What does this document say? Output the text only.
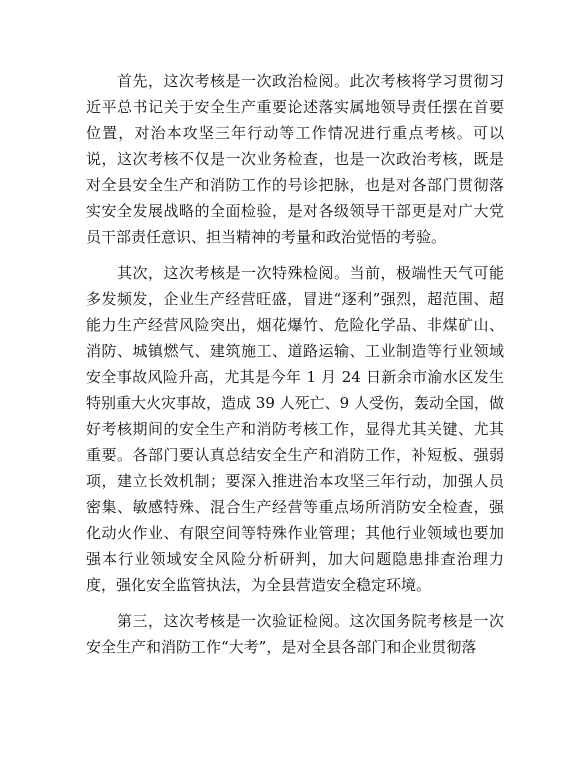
首先，这次考核是一次政治检阅。此次考核将学习贯彻习近平总书记关于安全生产重要论述落实属地领导责任摆在首要位置，对治本攻坚三年行动等工作情况进行重点考核。可以说，这次考核不仅是一次业务检查，也是一次政治考核，既是对全县安全生产和消防工作的号诊把脉，也是对各部门贯彻落实安全发展战略的全面检验，是对各级领导干部更是对广大党员干部责任意识、担当精神的考量和政治觉悟的考验。

其次，这次考核是一次特殊检阅。当前，极端性天气可能多发频发，企业生产经营旺盛，冒进“逐利”强烈，超范围、超能力生产经营风险突出，烟花爆竹、危险化学品、非煤矿山、消防、城镇燃气、建筑施工、道路运输、工业制造等行业领域安全事故风险升高，尤其是今年 1 月 24 日新余市渝水区发生特别重大火灾事故，造成 39 人死亡、9 人受伤，轰动全国，做好考核期间的安全生产和消防考核工作，显得尤其关键、尤其重要。各部门要认真总结安全生产和消防工作，补短板、强弱项，建立长效机制；要深入推进治本攻坚三年行动，加强人员密集、敏感特殊、混合生产经营等重点场所消防安全检查，强化动火作业、有限空间等特殊作业管理；其他行业领域也要加强本行业领域安全风险分析研判，加大问题隐患排查治理力度，强化安全监管执法，为全县营造安全稳定环境。

第三，这次考核是一次验证检阅。这次国务院考核是一次安全生产和消防工作“大考”，是对全县各部门和企业贯彻落
